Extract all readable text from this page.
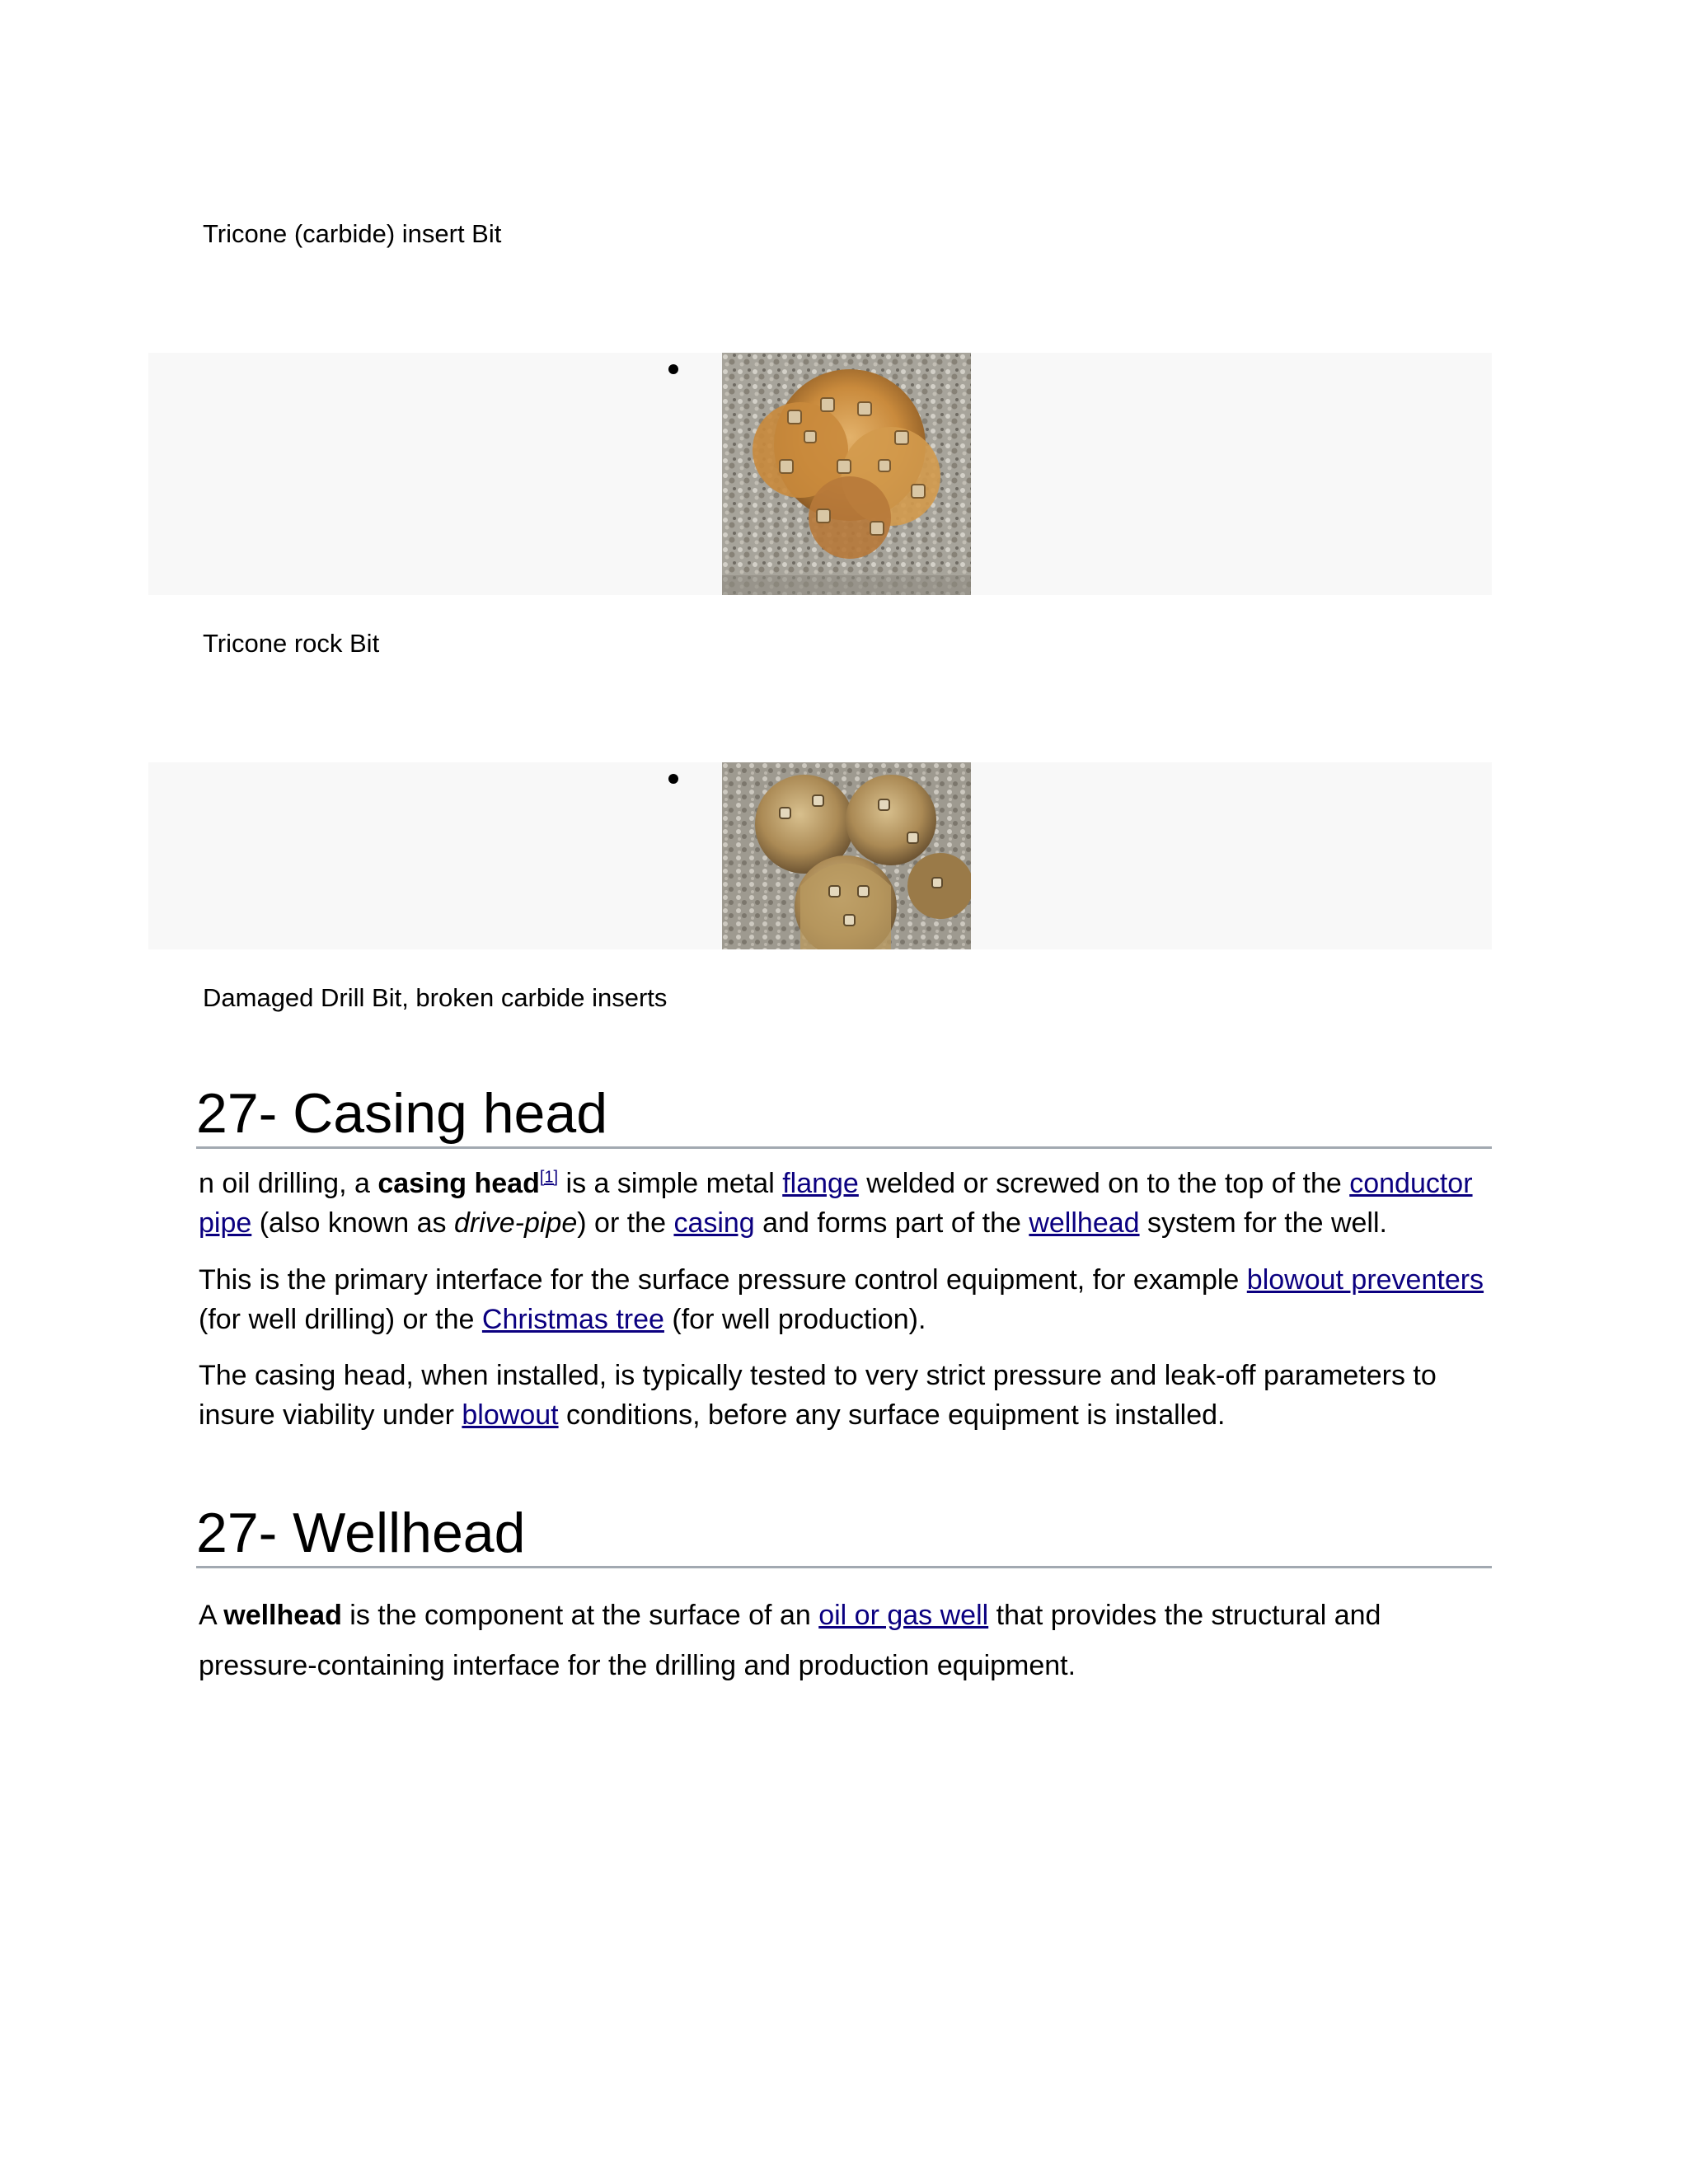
Tricone (carbide) insert Bit

Tricone rock Bit

Damaged Drill Bit, broken carbide inserts

27- Casing head

n oil drilling, a casing head[1] is a simple metal flange welded or screwed on to the top of the conductor pipe (also known as drive-pipe) or the casing and forms part of the wellhead system for the well.

This is the primary interface for the surface pressure control equipment, for example blowout preventers (for well drilling) or the Christmas tree (for well production).

The casing head, when installed, is typically tested to very strict pressure and leak-off parameters to insure viability under blowout conditions, before any surface equipment is installed.

27- Wellhead

A wellhead is the component at the surface of an oil or gas well that provides the structural and pressure-containing interface for the drilling and production equipment.
